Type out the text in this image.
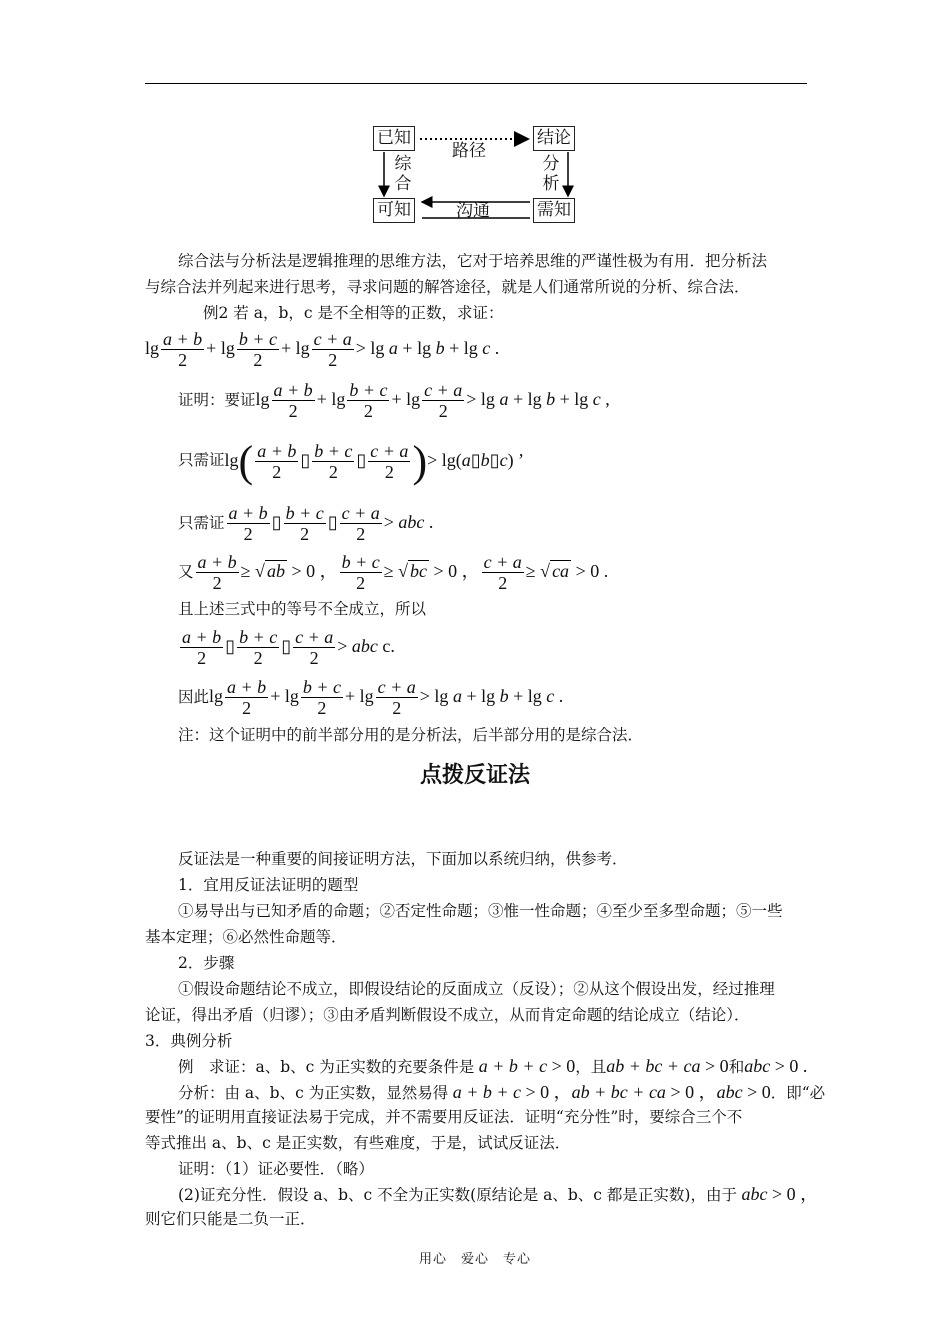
已知	结论
可知	需知
路径
综合
分析
沟通
综合法与分析法是逻辑推理的思维方法，它对于培养思维的严谨性极为有用．把分析法
与综合法并列起来进行思考，寻求问题的解答途径，就是人们通常所说的分析、综合法．
例2 若 a，b，c 是不全相等的正数，求证：
$\lg \frac{a + b}{2} + \lg \frac{b + c}{2} + \lg \frac{c + a}{2} > \lg a + \lg b + \lg c$ .
证明：要证$\lg \frac{a + b}{2} + \lg \frac{b + c}{2} + \lg \frac{c + a}{2} > \lg a + \lg b + \lg c$ ,
只需证$\lg( \frac{a + b}{2}$ ▯ $\frac{b + c}{2}$ ▯ $\frac{c + a}{2}$ )> lg(a▯b▯c) ’
只需证 $\frac{a + b}{2}$ ▯ $\frac{b + c}{2}$ ▯ $\frac{c + a}{2}$ > abc .
又 $\frac{a + b}{2}$ ≥ √ ab > 0 ， $\frac{b + c}{2}$ ≥ √ bc > 0 ， $\frac{c + a}{2}$ ≥ √ ca > 0 .
且上述三式中的等号不全成立，所以
$\frac{a + b}{2}$ ▯ $\frac{b + c}{2}$ ▯ $\frac{c + a}{2}$ > abc c.
因此$\lg \frac{a + b}{2} + \lg \frac{b + c}{2} + \lg \frac{c + a}{2} > \lg a + \lg b + \lg c$ .
注：这个证明中的前半部分用的是分析法，后半部分用的是综合法．
点拨反证法
反证法是一种重要的间接证明方法，下面加以系统归纳，供参考．
1．宜用反证法证明的题型
①易导出与已知矛盾的命题；②否定性命题；③惟一性命题；④至少至多型命题；⑤一些
基本定理；⑥必然性命题等．
2．步骤
①假设命题结论不成立，即假设结论的反面成立（反设）；②从这个假设出发，经过推理
论证，得出矛盾（归谬）；③由矛盾判断假设不成立，从而肯定命题的结论成立（结论）．
3．典例分析
例　求证：a、b、c 为正实数的充要条件是 a + b + c > 0，且ab + bc + ca > 0和abc > 0 .
分析：由 a、b、c 为正实数，显然易得 a + b + c > 0 ，ab + bc + ca > 0 ，abc > 0．即“必
要性”的证明用直接证法易于完成，并不需要用反证法．证明“充分性”时，要综合三个不
等式推出 a、b、c 是正实数，有些难度，于是，试试反证法．
证明：（1）证必要性．（略）
(2)证充分性．假设 a、b、c 不全为正实数(原结论是 a、b、c 都是正实数)，由于 abc > 0 ，
则它们只能是二负一正．
用心　爱心　专心
